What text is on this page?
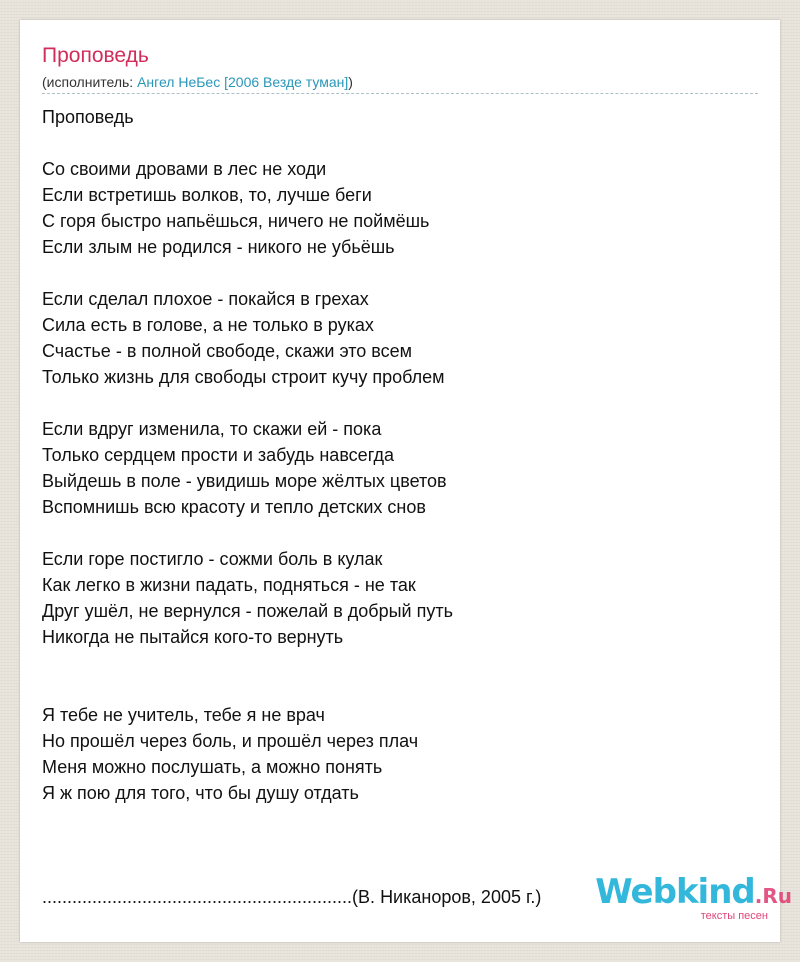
Проповедь
(исполнитель: Ангел НеБес [2006 Везде туман])
Проповедь
Со своими дровами в лес не ходи
Если встретишь волков, то, лучше беги
С горя быстро напьёшься, ничего не поймёшь
Если злым не родился - никого не убьёшь
Если сделал плохое - покайся в грехах
Сила есть в голове, а не только в руках
Счастье - в полной свободе, скажи это всем
Только жизнь для свободы строит кучу проблем
Если вдруг изменила, то скажи ей - пока
Только сердцем прости и забудь навсегда
Выйдешь в поле - увидишь море жёлтых цветов
Вспомнишь всю красоту и тепло детских снов
Если горе постигло - сожми боль в кулак
Как легко в жизни падать, подняться - не так
Друг ушёл, не вернулся - пожелай в добрый путь
Никогда не пытайся кого-то вернуть
Я тебе не учитель, тебе я не врач
Но прошёл через боль, и прошёл через плач
Меня можно послушать, а можно понять
Я ж пою для того, что бы душу отдать
..............................................................(В. Никаноров, 2005 г.) Webkind.Ru
тексты песен
